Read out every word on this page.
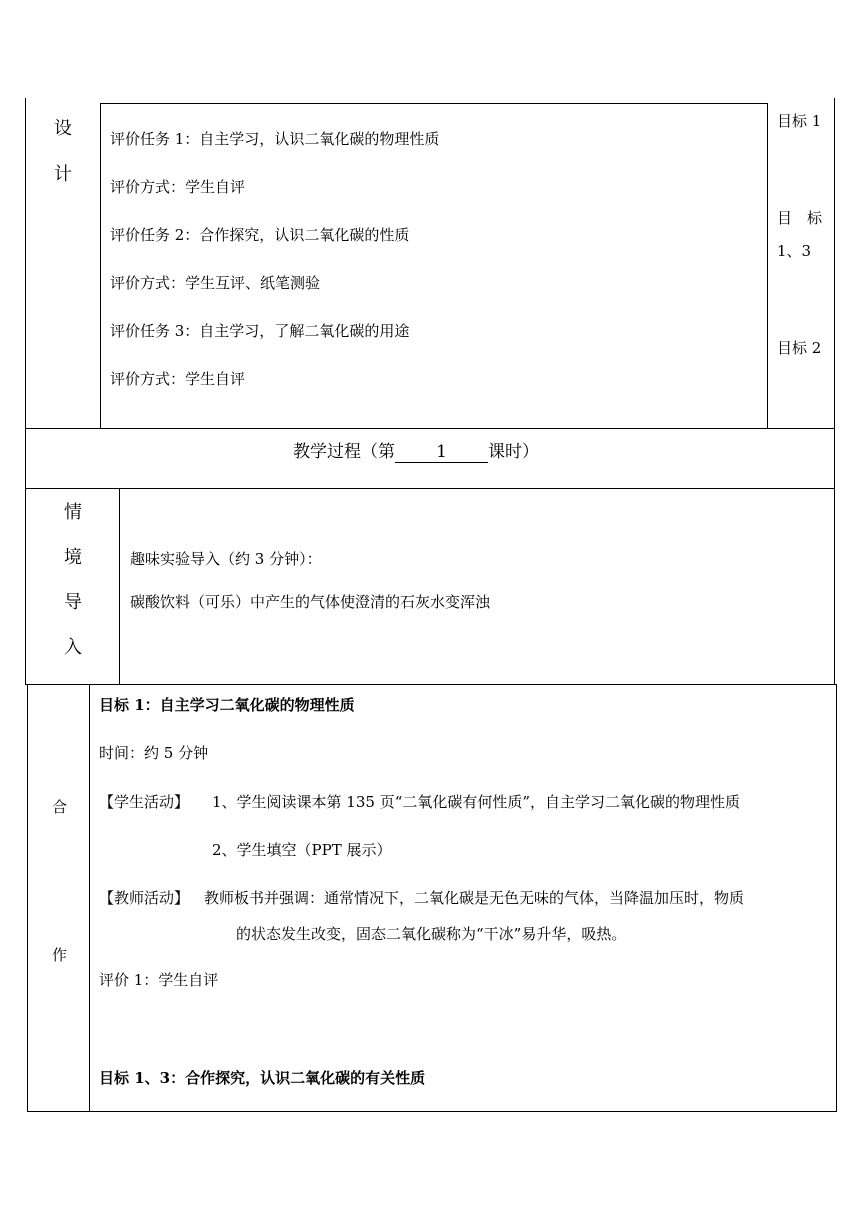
设
计
评价任务 1：自主学习，认识二氧化碳的物理性质
评价方式：学生自评
评价任务 2：合作探究，认识二氧化碳的性质
评价方式：学生互评、纸笔测验
评价任务 3：自主学习，了解二氧化碳的用途
评价方式：学生自评
目标 1
目　标
1、3
目标 2
教学过程（第 1 课时）
情
境
导
入
趣味实验导入（约 3 分钟）：
碳酸饮料（可乐）中产生的气体使澄清的石灰水变浑浊
合
作
目标 1：自主学习二氧化碳的物理性质
时间：约 5 分钟
【学生活动】 1、学生阅读课本第 135 页“二氧化碳有何性质”，自主学习二氧化碳的物理性质
2、学生填空（PPT 展示）
【教师活动】 教师板书并强调：通常情况下，二氧化碳是无色无味的气体，当降温加压时，物质
的状态发生改变，固态二氧化碳称为“干冰”易升华，吸热。
评价 1：学生自评
目标 1、3：合作探究，认识二氧化碳的有关性质
